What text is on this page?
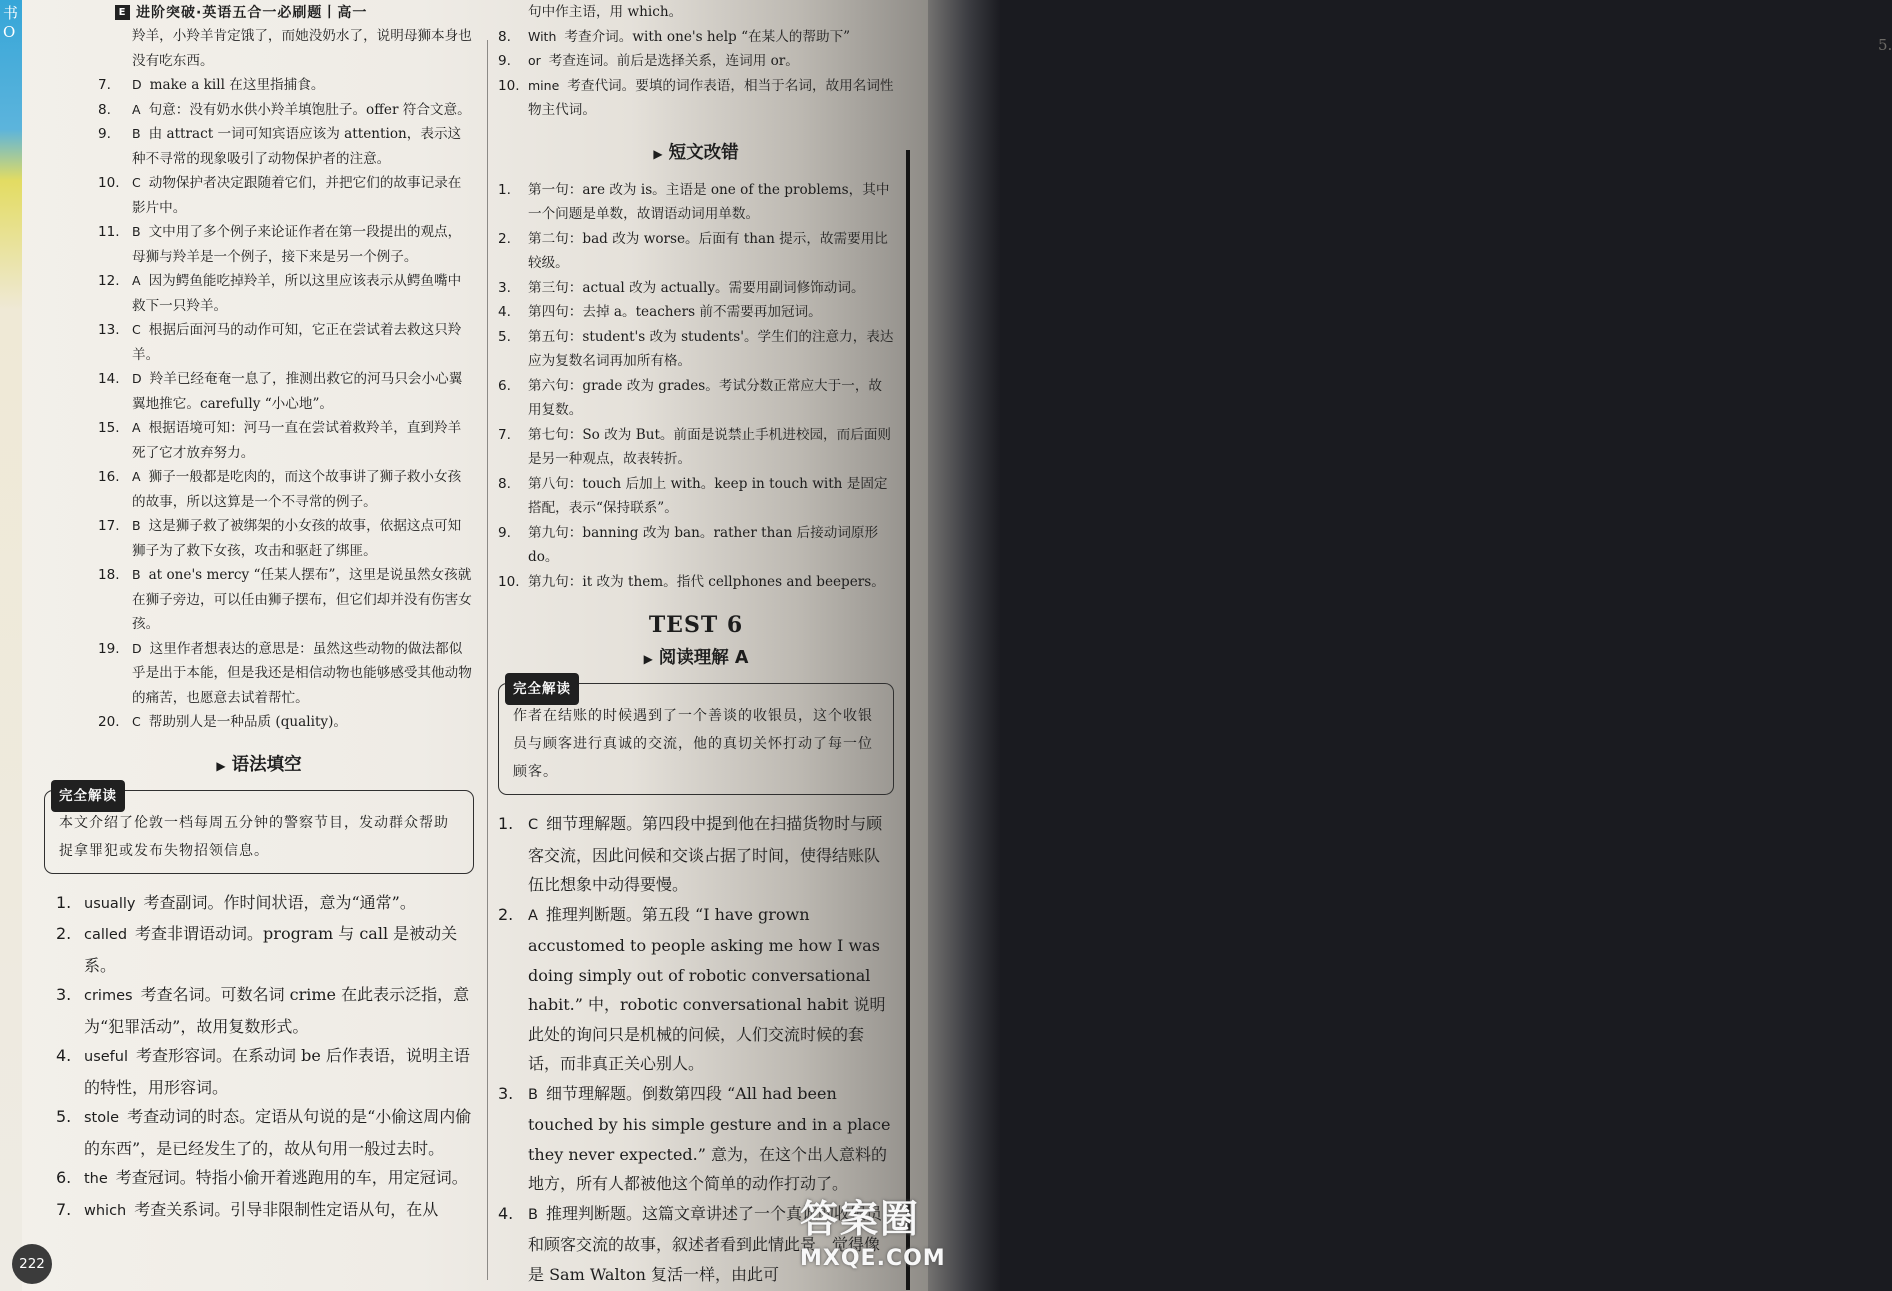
5.
书O
E 进阶突破·英语五合一必刷题丨高一
羚羊，小羚羊肯定饿了，而她没奶水了，说明母狮本身也没有吃东西。
7. D make a kill 在这里指捕食。
8. A 句意：没有奶水供小羚羊填饱肚子。offer 符合文意。
9. B 由 attract 一词可知宾语应该为 attention，表示这种不寻常的现象吸引了动物保护者的注意。
10. C 动物保护者决定跟随着它们，并把它们的故事记录在影片中。
11. B 文中用了多个例子来论证作者在第一段提出的观点，母狮与羚羊是一个例子，接下来是另一个例子。
12. A 因为鳄鱼能吃掉羚羊，所以这里应该表示从鳄鱼嘴中救下一只羚羊。
13. C 根据后面河马的动作可知，它正在尝试着去救这只羚羊。
14. D 羚羊已经奄奄一息了，推测出救它的河马只会小心翼翼地推它。carefully “小心地”。
15. A 根据语境可知：河马一直在尝试着救羚羊，直到羚羊死了它才放弃努力。
16. A 狮子一般都是吃肉的，而这个故事讲了狮子救小女孩的故事，所以这算是一个不寻常的例子。
17. B 这是狮子救了被绑架的小女孩的故事，依据这点可知狮子为了救下女孩，攻击和驱赶了绑匪。
18. B at one's mercy “任某人摆布”，这里是说虽然女孩就在狮子旁边，可以任由狮子摆布，但它们却并没有伤害女孩。
19. D 这里作者想表达的意思是：虽然这些动物的做法都似乎是出于本能，但是我还是相信动物也能够感受其他动物的痛苦，也愿意去试着帮忙。
20. C 帮助别人是一种品质 (quality)。
▶ 语法填空
完全解读
本文介绍了伦敦一档每周五分钟的警察节目，发动群众帮助捉拿罪犯或发布失物招领信息。
1. usually 考查副词。作时间状语，意为“通常”。
2. called 考查非谓语动词。program 与 call 是被动关系。
3. crimes 考查名词。可数名词 crime 在此表示泛指，意为“犯罪活动”，故用复数形式。
4. useful 考查形容词。在系动词 be 后作表语，说明主语的特性，用形容词。
5. stole 考查动词的时态。定语从句说的是“小偷这周内偷的东西”，是已经发生了的，故从句用一般过去时。
6. the 考查冠词。特指小偷开着逃跑用的车，用定冠词。
7. which 考查关系词。引导非限制性定语从句，在从
句中作主语，用 which。
8. With 考查介词。with one's help “在某人的帮助下”
9. or 考查连词。前后是选择关系，连词用 or。
10. mine 考查代词。要填的词作表语，相当于名词，故用名词性物主代词。
▶ 短文改错
1. 第一句：are 改为 is。主语是 one of the problems，其中一个问题是单数，故谓语动词用单数。
2. 第二句：bad 改为 worse。后面有 than 提示，故需要用比较级。
3. 第三句：actual 改为 actually。需要用副词修饰动词。
4. 第四句：去掉 a。teachers 前不需要再加冠词。
5. 第五句：student's 改为 students'。学生们的注意力，表达应为复数名词再加所有格。
6. 第六句：grade 改为 grades。考试分数正常应大于一，故用复数。
7. 第七句：So 改为 But。前面是说禁止手机进校园，而后面则是另一种观点，故表转折。
8. 第八句：touch 后加上 with。keep in touch with 是固定搭配，表示“保持联系”。
9. 第九句：banning 改为 ban。rather than 后接动词原形 do。
10. 第九句：it 改为 them。指代 cellphones and beepers。
TEST 6
▶ 阅读理解 A
完全解读
作者在结账的时候遇到了一个善谈的收银员，这个收银员与顾客进行真诚的交流，他的真切关怀打动了每一位顾客。
1. C 细节理解题。第四段中提到他在扫描货物时与顾客交流，因此问候和交谈占据了时间，使得结账队伍比想象中动得要慢。
2. A 推理判断题。第五段 “I have grown accustomed to people asking me how I was doing simply out of robotic conversational habit.” 中，robotic conversational habit 说明此处的询问只是机械的问候，人们交流时候的套话，而非真正关心别人。
3. B 细节理解题。倒数第四段 “All had been touched by his simple gesture and in a place they never expected.” 意为，在这个出人意料的地方，所有人都被他这个简单的动作打动了。
4. B 推理判断题。这篇文章讲述了一个真诚的收银员和顾客交流的故事，叙述者看到此情此景，觉得像是 Sam Walton 复活一样，由此可
222
答案圈
MXQE.COM
